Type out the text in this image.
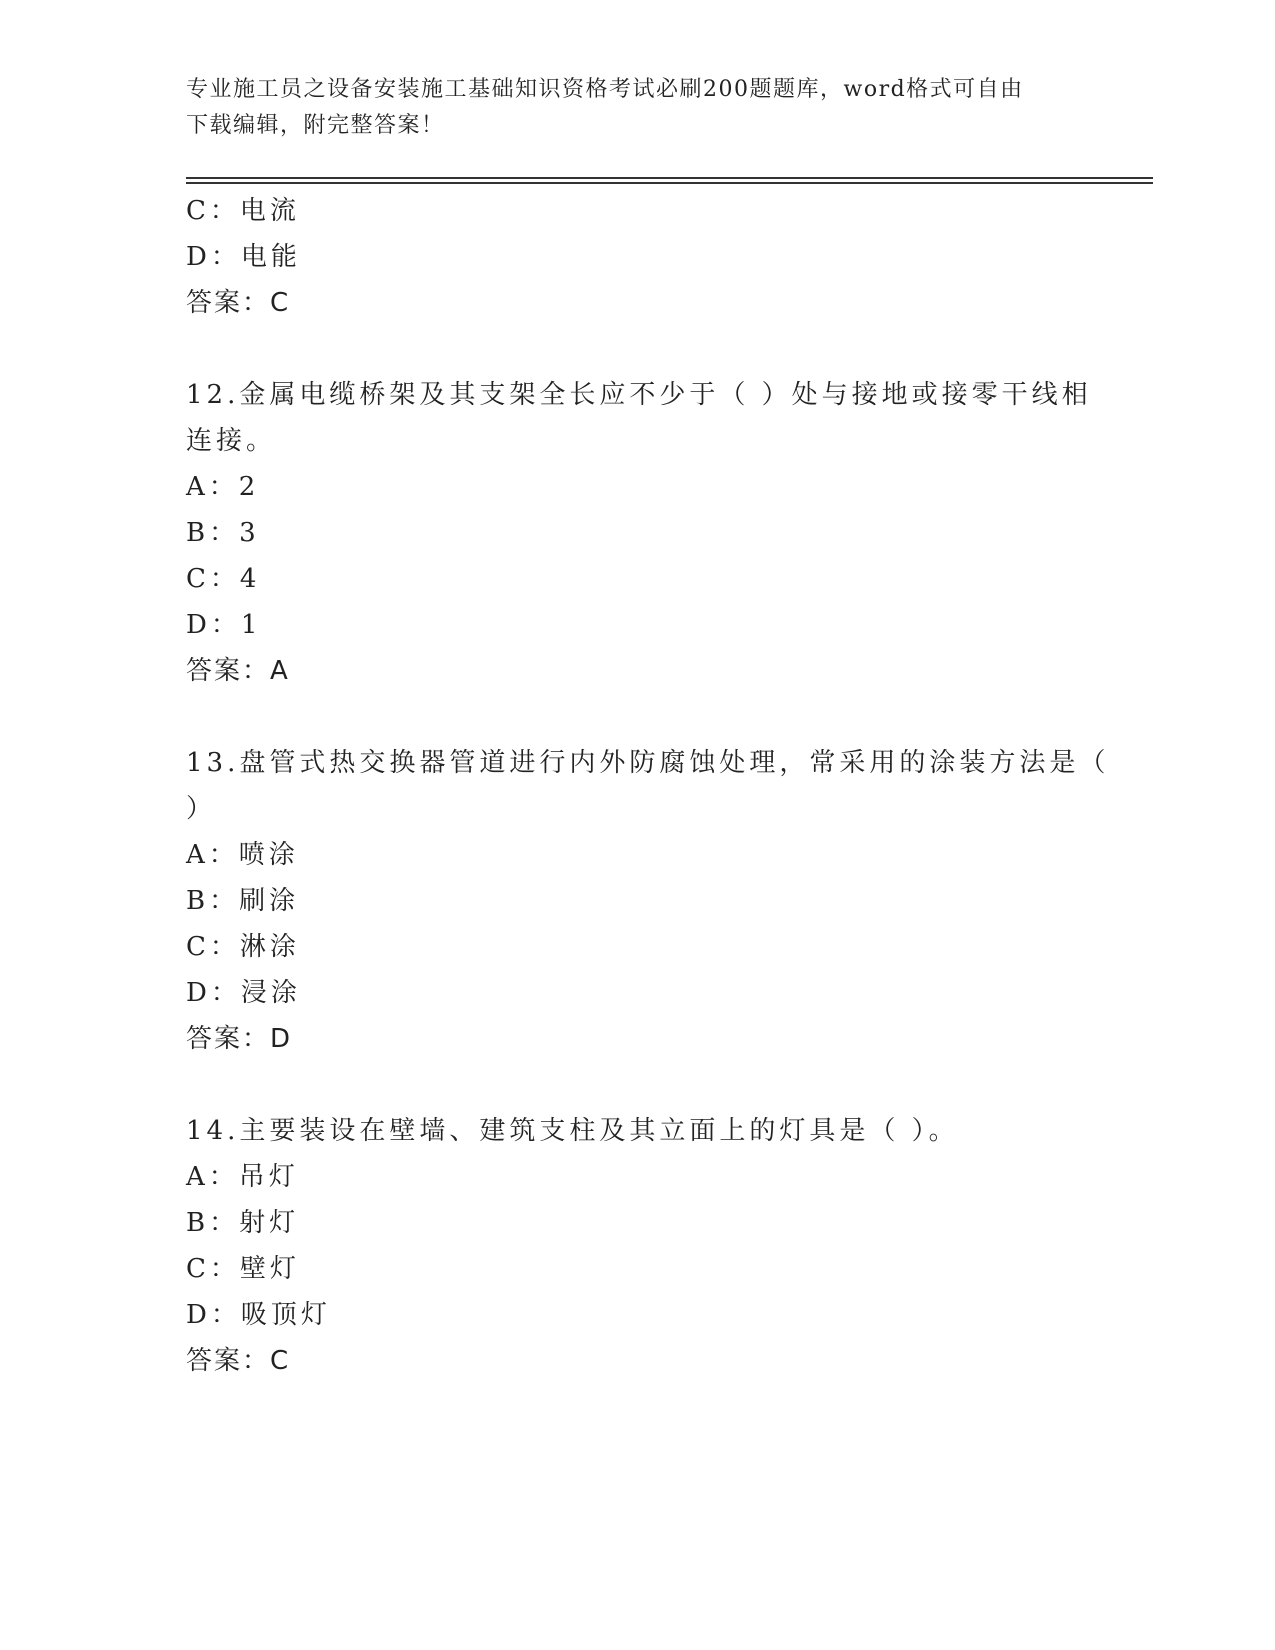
专业施工员之设备安装施工基础知识资格考试必刷200题题库，word格式可自由
下载编辑，附完整答案！
C：电流
D：电能
答案：C
12.金属电缆桥架及其支架全长应不少于（ ）处与接地或接零干线相
连接。
A：2
B：3
C：4
D：1
答案：A
13.盘管式热交换器管道进行内外防腐蚀处理，常采用的涂装方法是（
）
A：喷涂
B：刷涂
C：淋涂
D：浸涂
答案：D
14.主要装设在壁墙、建筑支柱及其立面上的灯具是（ ）。
A：吊灯
B：射灯
C：壁灯
D：吸顶灯
答案：C
